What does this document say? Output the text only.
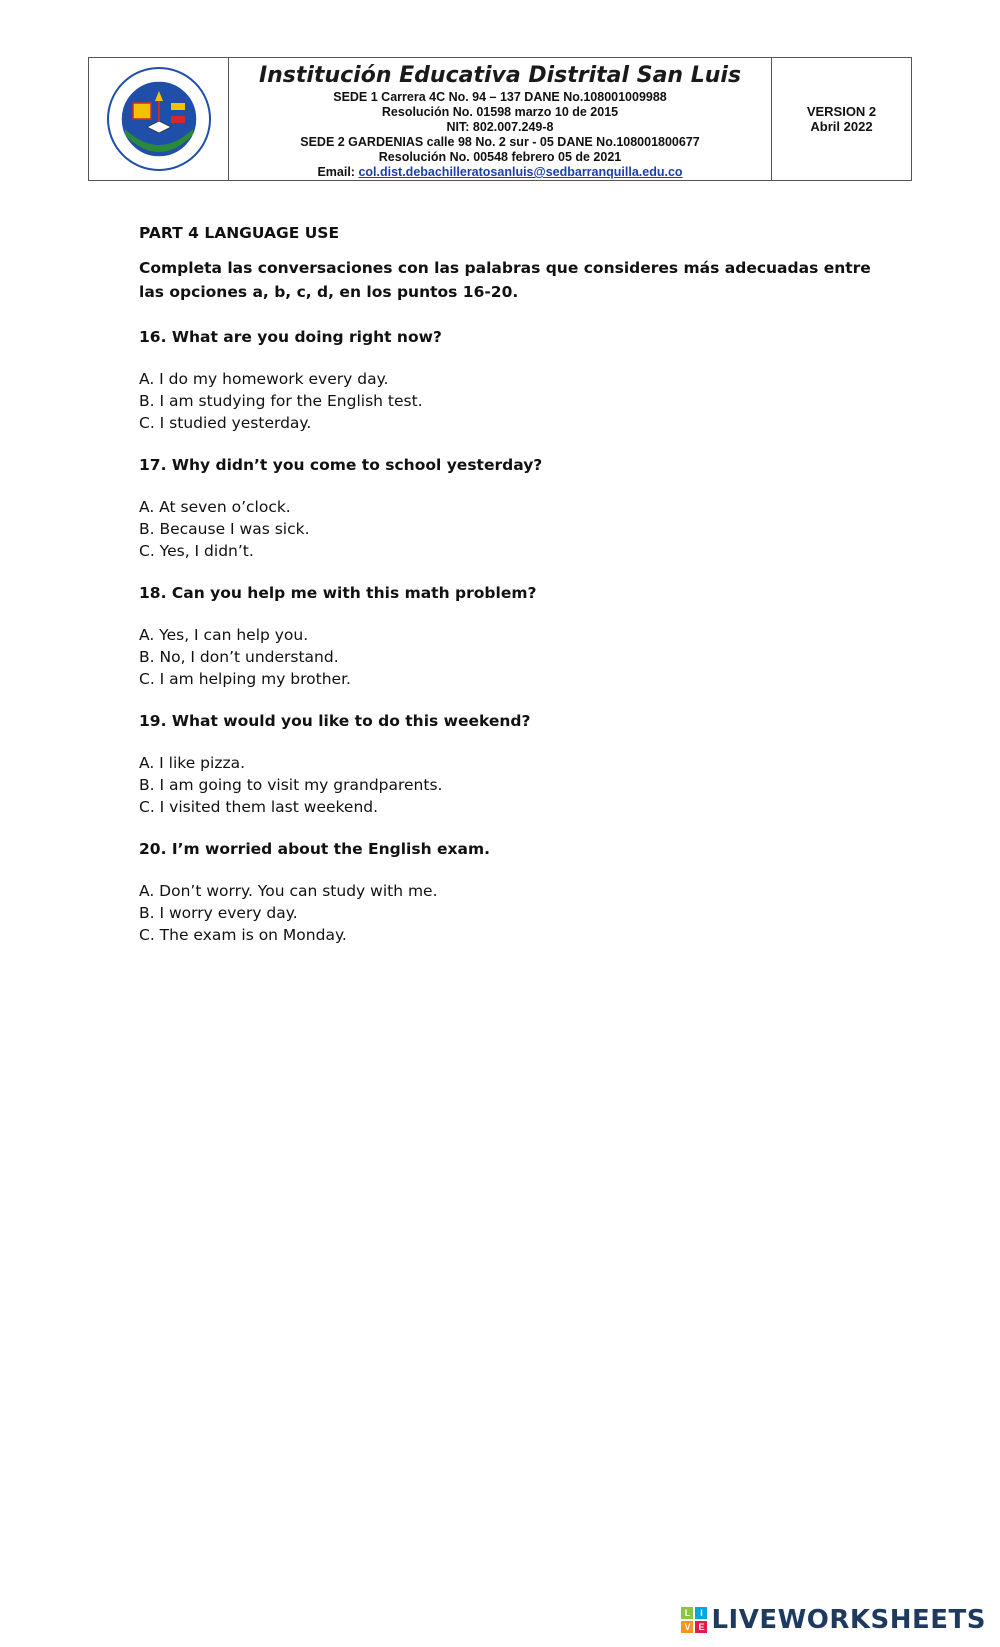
Institución Educativa Distrital San Luis
SEDE 1 Carrera 4C No. 94 – 137 DANE No.108001009988
Resolución No. 01598 marzo 10 de 2015
NIT: 802.007.249-8
SEDE 2 GARDENIAS calle 98 No. 2 sur - 05 DANE No.108001800677
Resolución No. 00548 febrero 05 de 2021
Email: col.dist.debachilleratosanluis@sedbarranquilla.edu.co
VERSION 2
Abril 2022

PART 4 LANGUAGE USE

Completa las conversaciones con las palabras que consideres más adecuadas entre las opciones a, b, c, d, en los puntos 16-20.

16. What are you doing right now?

A. I do my homework every day.

B. I am studying for the English test.

C. I studied yesterday.

17. Why didn’t you come to school yesterday?

A. At seven o’clock.

B. Because I was sick.

C. Yes, I didn’t.

18. Can you help me with this math problem?

A. Yes, I can help you.

B. No, I don’t understand.

C. I am helping my brother.

19. What would you like to do this weekend?

A. I like pizza.

B. I am going to visit my grandparents.

C. I visited them last weekend.

20. I’m worried about the English exam.

A. Don’t worry. You can study with me.

B. I worry every day.

C. The exam is on Monday.

L	I
V E LIVEWORKSHEETS
